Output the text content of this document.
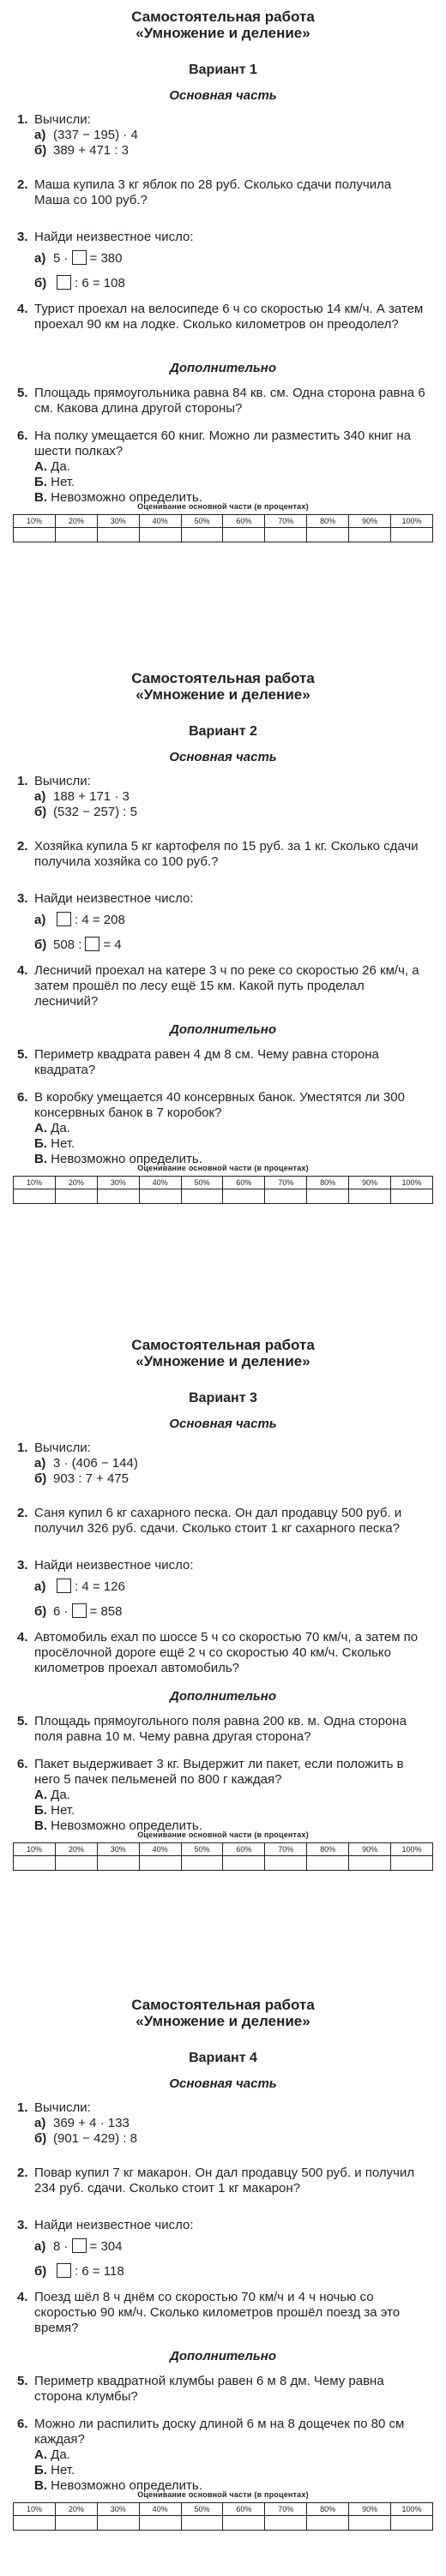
Самостоятельная работа
«Умножение и деление»
Вариант 1
Основная часть
1. Вычисли:
а) (337 − 195) · 4
б) 389 + 471 : 3
2. Маша купила 3 кг яблок по 28 руб. Сколько сдачи получила Маша со 100 руб.?
3. Найди неизвестное число:
а) 5 · = 380
б) : 6 = 108
4. Турист проехал на велосипеде 6 ч со скоростью 14 км/ч. А затем проехал 90 км на лодке. Сколько километров он преодолел?
Дополнительно
5. Площадь прямоугольника равна 84 кв. см. Одна сторона равна 6 см. Какова длина другой стороны?
6. На полку умещается 60 книг. Можно ли разместить 340 книг на шести полках?
А. Да.
Б. Нет.
В. Невозможно определить.
Оценивание основной части (в процентах)
10%	20%	30%	40%	50%	60%	70%	80%	90%	100%

Самостоятельная работа
«Умножение и деление»
Вариант 2
Основная часть
1. Вычисли:
а) 188 + 171 · 3
б) (532 − 257) : 5
2. Хозяйка купила 5 кг картофеля по 15 руб. за 1 кг. Сколько сдачи получила хозяйка со 100 руб.?
3. Найди неизвестное число:
а) : 4 = 208
б) 508 : = 4
4. Лесничий проехал на катере 3 ч по реке со скоростью 26 км/ч, а затем прошёл по лесу ещё 15 км. Какой путь проделал лесничий?
Дополнительно
5. Периметр квадрата равен 4 дм 8 см. Чему равна сторона квадрата?
6. В коробку умещается 40 консервных банок. Уместятся ли 300 консервных банок в 7 коробок?
А. Да.
Б. Нет.
В. Невозможно определить.
Оценивание основной части (в процентах)
10%	20%	30%	40%	50%	60%	70%	80%	90%	100%

Самостоятельная работа
«Умножение и деление»
Вариант 3
Основная часть
1. Вычисли:
а) 3 · (406 − 144)
б) 903 : 7 + 475
2. Саня купил 6 кг сахарного песка. Он дал продавцу 500 руб. и получил 326 руб. сдачи. Сколько стоит 1 кг сахарного песка?
3. Найди неизвестное число:
а) : 4 = 126
б) 6 · = 858
4. Автомобиль ехал по шоссе 5 ч со скоростью 70 км/ч, а затем по просёлочной дороге ещё 2 ч со скоростью 40 км/ч. Сколько километров проехал автомобиль?
Дополнительно
5. Площадь прямоугольного поля равна 200 кв. м. Одна сторона поля равна 10 м. Чему равна другая сторона?
6. Пакет выдерживает 3 кг. Выдержит ли пакет, если положить в него 5 пачек пельменей по 800 г каждая?
А. Да.
Б. Нет.
В. Невозможно определить.
Оценивание основной части (в процентах)
10%	20%	30%	40%	50%	60%	70%	80%	90%	100%

Самостоятельная работа
«Умножение и деление»
Вариант 4
Основная часть
1. Вычисли:
а) 369 + 4 · 133
б) (901 − 429) : 8
2. Повар купил 7 кг макарон. Он дал продавцу 500 руб. и получил 234 руб. сдачи. Сколько стоит 1 кг макарон?
3. Найди неизвестное число:
а) 8 · = 304
б) : 6 = 118
4. Поезд шёл 8 ч днём со скоростью 70 км/ч и 4 ч ночью со скоростью 90 км/ч. Сколько километров прошёл поезд за это время?
Дополнительно
5. Периметр квадратной клумбы равен 6 м 8 дм. Чему равна сторона клумбы?
6. Можно ли распилить доску длиной 6 м на 8 дощечек по 80 см каждая?
А. Да.
Б. Нет.
В. Невозможно определить.
Оценивание основной части (в процентах)
10%	20%	30%	40%	50%	60%	70%	80%	90%	100%
